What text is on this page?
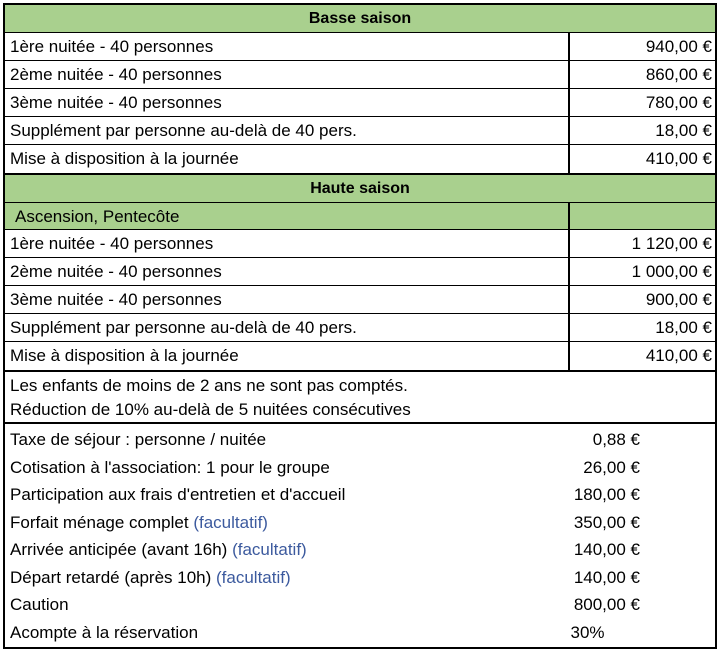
Basse saison
1ère nuitée - 40 personnes	940,00 €
2ème nuitée - 40 personnes	860,00 €
3ème nuitée - 40 personnes	780,00 €
Supplément par personne au-delà de 40 pers.	18,00 €
Mise à disposition à la journée	410,00 €
Haute saison
Ascension, Pentecôte
1ère nuitée - 40 personnes	1 120,00 €
2ème nuitée - 40 personnes	1 000,00 €
3ème nuitée - 40 personnes	900,00 €
Supplément par personne au-delà de 40 pers.	18,00 €
Mise à disposition à la journée	410,00 €
Les enfants de moins de 2 ans ne sont pas comptés.
Réduction de 10% au-delà de 5 nuitées consécutives
Taxe de séjour : personne / nuitée	0,88 €
Cotisation à l'association: 1 pour le groupe	26,00 €
Participation aux frais d'entretien et d'accueil	180,00 €
Forfait ménage complet (facultatif)	350,00 €
Arrivée anticipée (avant 16h) (facultatif)	140,00 €
Départ retardé (après 10h) (facultatif)	140,00 €
Caution	800,00 €
Acompte à la réservation	30%
